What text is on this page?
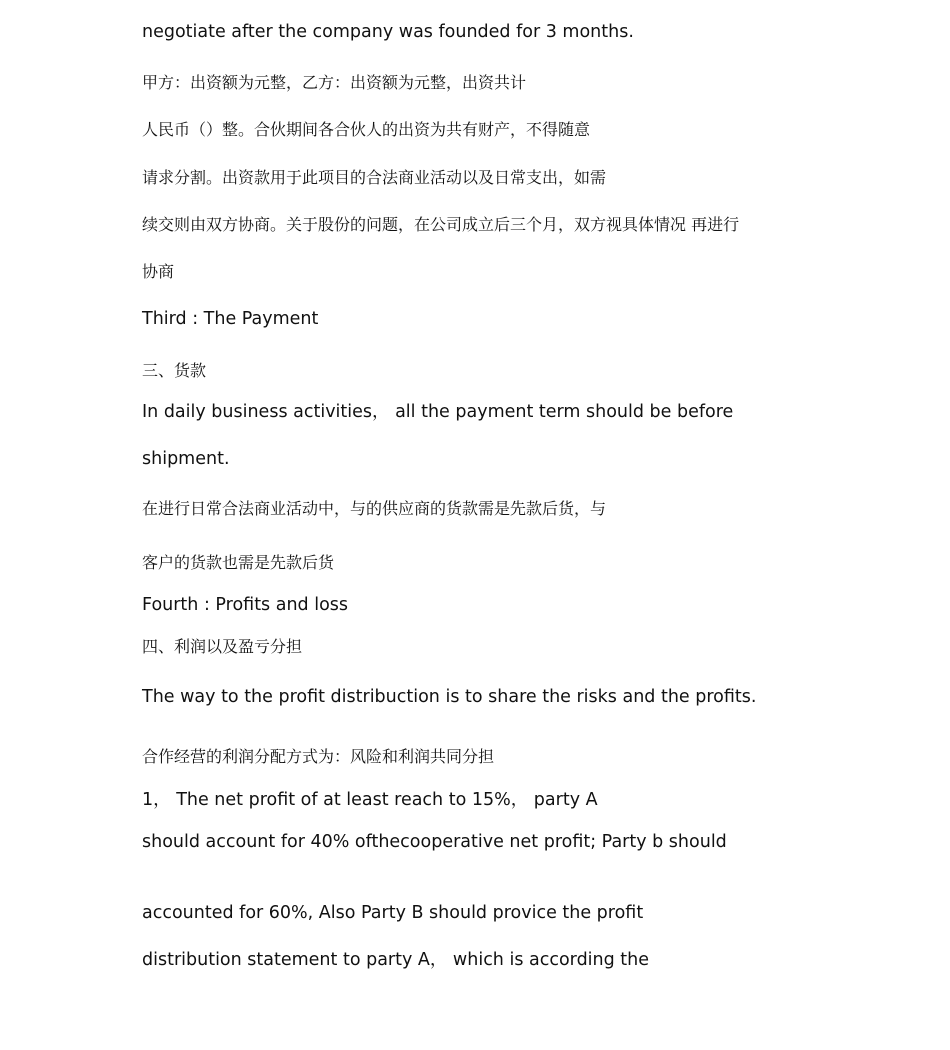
negotiate after the company was founded for 3 months.
甲方：出资额为元整，乙方：出资额为元整，出资共计
人民币（）整。合伙期间各合伙人的出资为共有财产，不得随意
请求分割。出资款用于此项目的合法商业活动以及日常支出，如需
续交则由双方协商。关于股份的问题，在公司成立后三个月，双方视具体情况 再进行
协商
Third : The Payment
三、货款
In daily business activities， all the payment term should be before
shipment.
在进行日常合法商业活动中，与的供应商的货款需是先款后货，与
客户的货款也需是先款后货
Fourth : Profits and loss
四、利润以及盈亏分担
The way to the profit distribuction is to share the risks and the profits.
合作经营的利润分配方式为：风险和利润共同分担
1， The net profit of at least reach to 15%， party A
should account for 40% ofthecooperative net profit; Party b should
accounted for 60%, Also Party B should provice the profit
distribution statement to party A， which is according the
